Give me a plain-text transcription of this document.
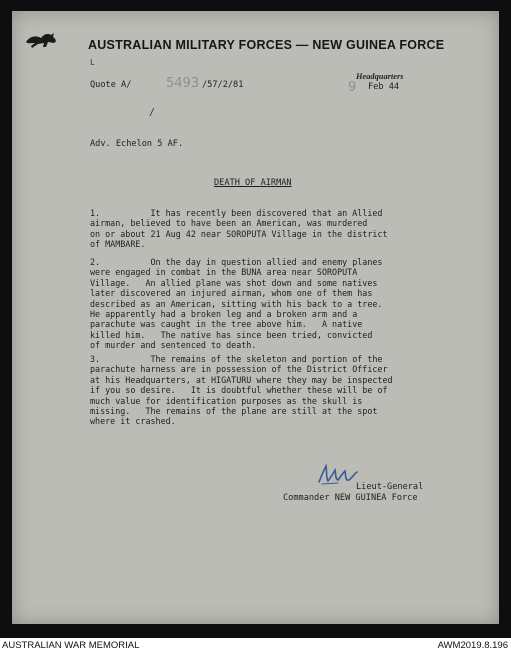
AUSTRALIAN MILITARY FORCES — NEW GUINEA FORCE
L
Quote A/	5493 /57/2/81
Headquarters
9 Feb 44
/
Adv. Echelon 5 AF.
DEATH OF AIRMAN
1.          It has recently been discovered that an Allied
airman, believed to have been an American, was murdered
on or about 21 Aug 42 near SOROPUTA Village in the district
of MAMBARE.
2.          On the day in question allied and enemy planes
were engaged in combat in the BUNA area near SOROPUTA
Village.   An allied plane was shot down and some natives
later discovered an injured airman, whom one of them has
described as an American, sitting with his back to a tree.
He apparently had a broken leg and a broken arm and a
parachute was caught in the tree above him.   A native
killed him.   The native has since been tried, convicted
of murder and sentenced to death.
3.          The remains of the skeleton and portion of the
parachute harness are in possession of the District Officer
at his Headquarters, at HIGATURU where they may be inspected
if you so desire.   It is doubtful whether these will be of
much value for identification purposes as the skull is
missing.   The remains of the plane are still at the spot
where it crashed.
Lieut-General
Commander NEW GUINEA Force
AUSTRALIAN WAR MEMORIAL	AWM2019.8.196
